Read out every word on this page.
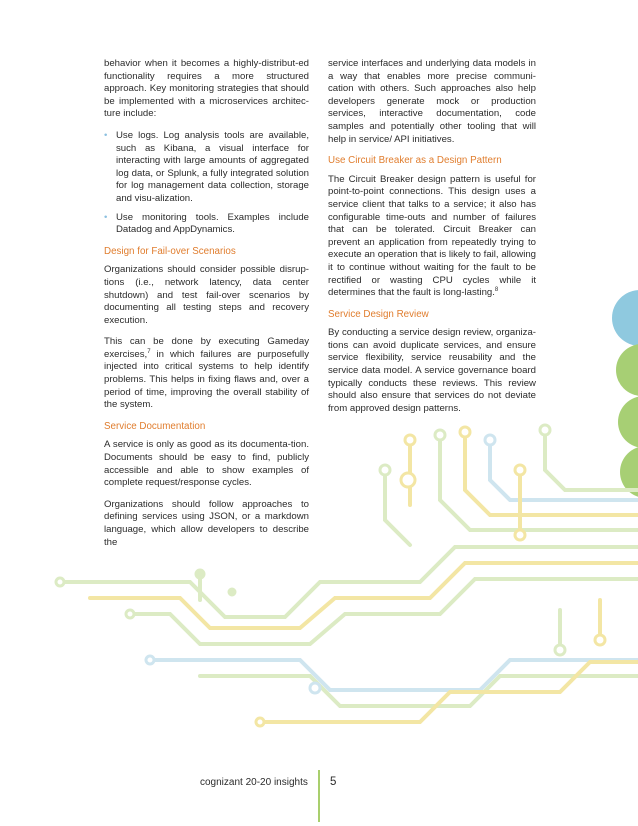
behavior when it becomes a highly-distribut-ed functionality requires a more structured approach. Key monitoring strategies that should be implemented with a microservices architec-ture include:

• Use logs. Log analysis tools are available, such as Kibana, a visual interface for interacting with large amounts of aggregated log data, or Splunk, a fully integrated solution for log management data collection, storage and visu-alization.
• Use monitoring tools. Examples include Datadog and AppDynamics.
Design for Fail-over Scenarios

Organizations should consider possible disrup-tions (i.e., network latency, data center shutdown) and test fail-over scenarios by documenting all testing steps and recovery execution.

This can be done by executing Gameday exercises,$^7$ in which failures are purposefully injected into critical systems to help identify problems. This helps in fixing flaws and, over a period of time, improving the overall stability of the system.

Service Documentation

A service is only as good as its documenta-tion. Documents should be easy to find, publicly accessible and able to show examples of complete request/response cycles.

Organizations should follow approaches to defining services using JSON, or a markdown language, which allow developers to describe the

service interfaces and underlying data models in a way that enables more precise communi-cation with others. Such approaches also help developers generate mock or production services, interactive documentation, code samples and potentially other tooling that will help in service/ API initiatives.

Use Circuit Breaker as a Design Pattern

The Circuit Breaker design pattern is useful for point-to-point connections. This design uses a service client that talks to a service; it also has configurable time-outs and number of failures that can be tolerated. Circuit Breaker can prevent an application from repeatedly trying to execute an operation that is likely to fail, allowing it to continue without waiting for the fault to be rectified or wasting CPU cycles while it determines that the fault is long-lasting.$^8$

Service Design Review

By conducting a service design review, organiza-tions can avoid duplicate services, and ensure service flexibility, service reusability and the service data model. A service governance board typically conducts these reviews. This review should also ensure that services do not deviate from approved design patterns.

cognizant 20-20 insights 5
